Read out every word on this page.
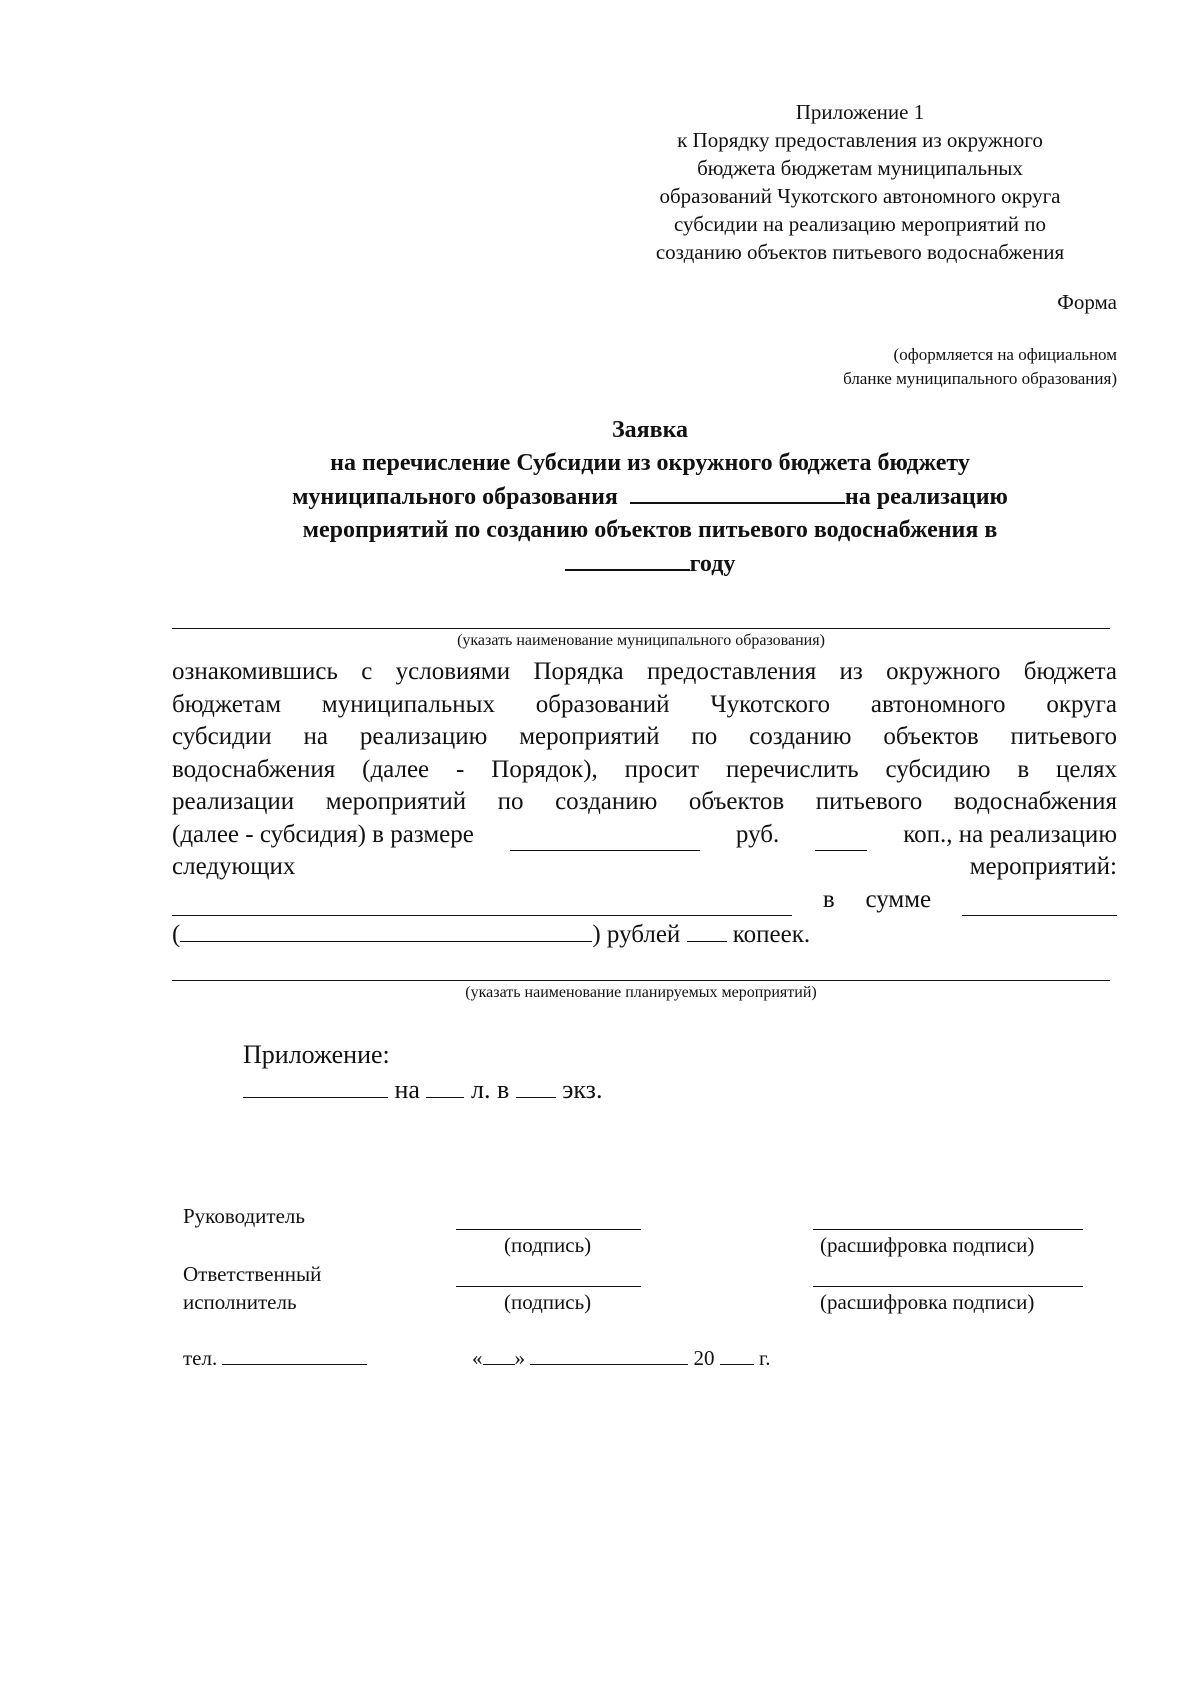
Приложение 1
к Порядку предоставления из окружного
бюджета бюджетам муниципальных
образований Чукотского автономного округа
субсидии на реализацию мероприятий по
созданию объектов питьевого водоснабжения
Форма
(оформляется на официальном
бланке муниципального образования)
Заявка
на перечисление Субсидии из окружного бюджета бюджету
муниципального образования	на реализацию
мероприятий по созданию объектов питьевого водоснабжения в
году
(указать наименование муниципального образования)
ознакомившись с условиями Порядка предоставления из окружного бюджета
бюджетам муниципальных образований Чукотского автономного округа
субсидии на реализацию мероприятий по созданию объектов питьевого
водоснабжения (далее - Порядок), просит перечислить субсидию в целях
реализации мероприятий по созданию объектов питьевого водоснабжения
(далее - субсидия) в размере	руб.	коп., на реализацию
следующих	мероприятий:
в сумме
(	) рублей копеек.
(указать наименование планируемых мероприятий)
Приложение:
на л. в экз.
Руководитель
(подпись)	(расшифровка подписи)
Ответственный
исполнитель	(подпись)	(расшифровка подписи)
тел.	« »	20 г.
